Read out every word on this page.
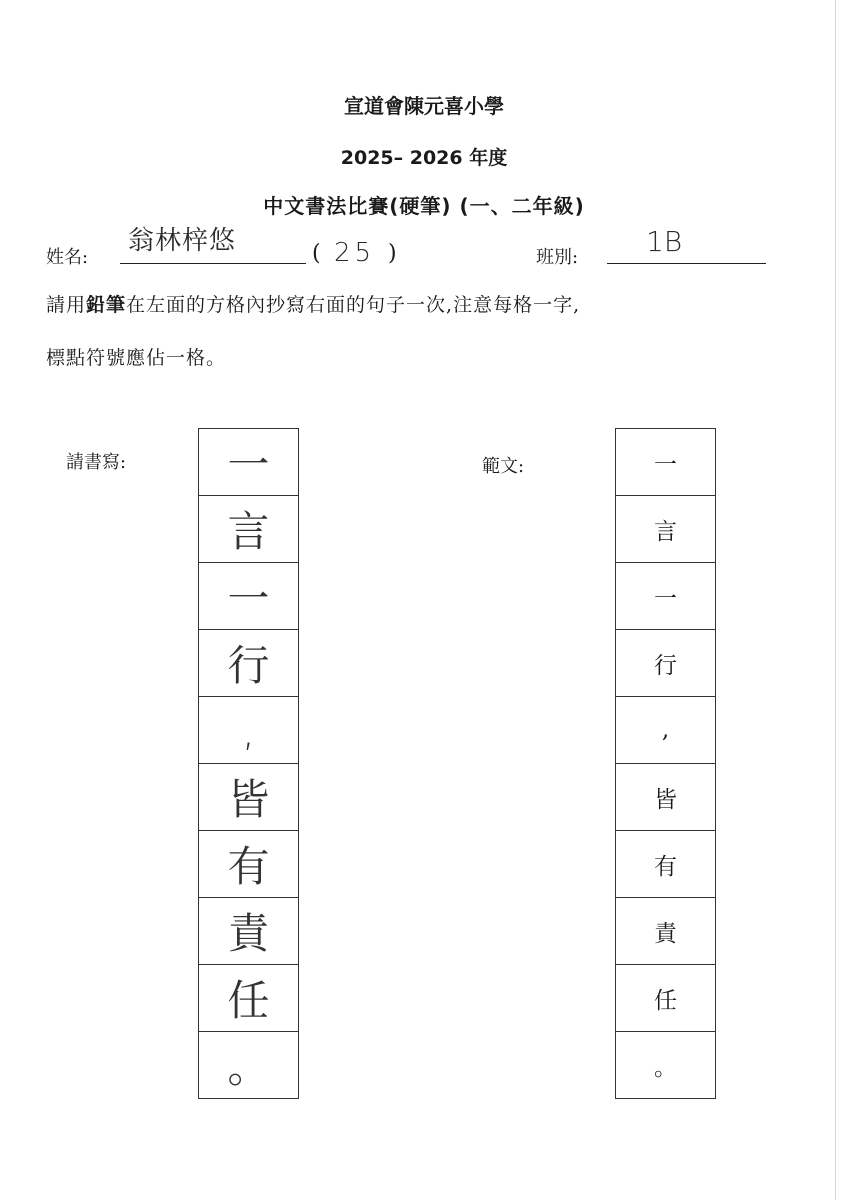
宣道會陳元喜小學
2025– 2026 年度
中文書法比賽(硬筆) (一、二年級)
姓名:
翁林梓悠	( 25 )	班別: 1B
請用鉛筆在左面的方格內抄寫右面的句子一次,注意每格一字,
標點符號應佔一格。
請書寫:	一
言
一
行
,
皆
有
責
任
。
範文:	一
言
一
行
,
皆
有
責
任
。
